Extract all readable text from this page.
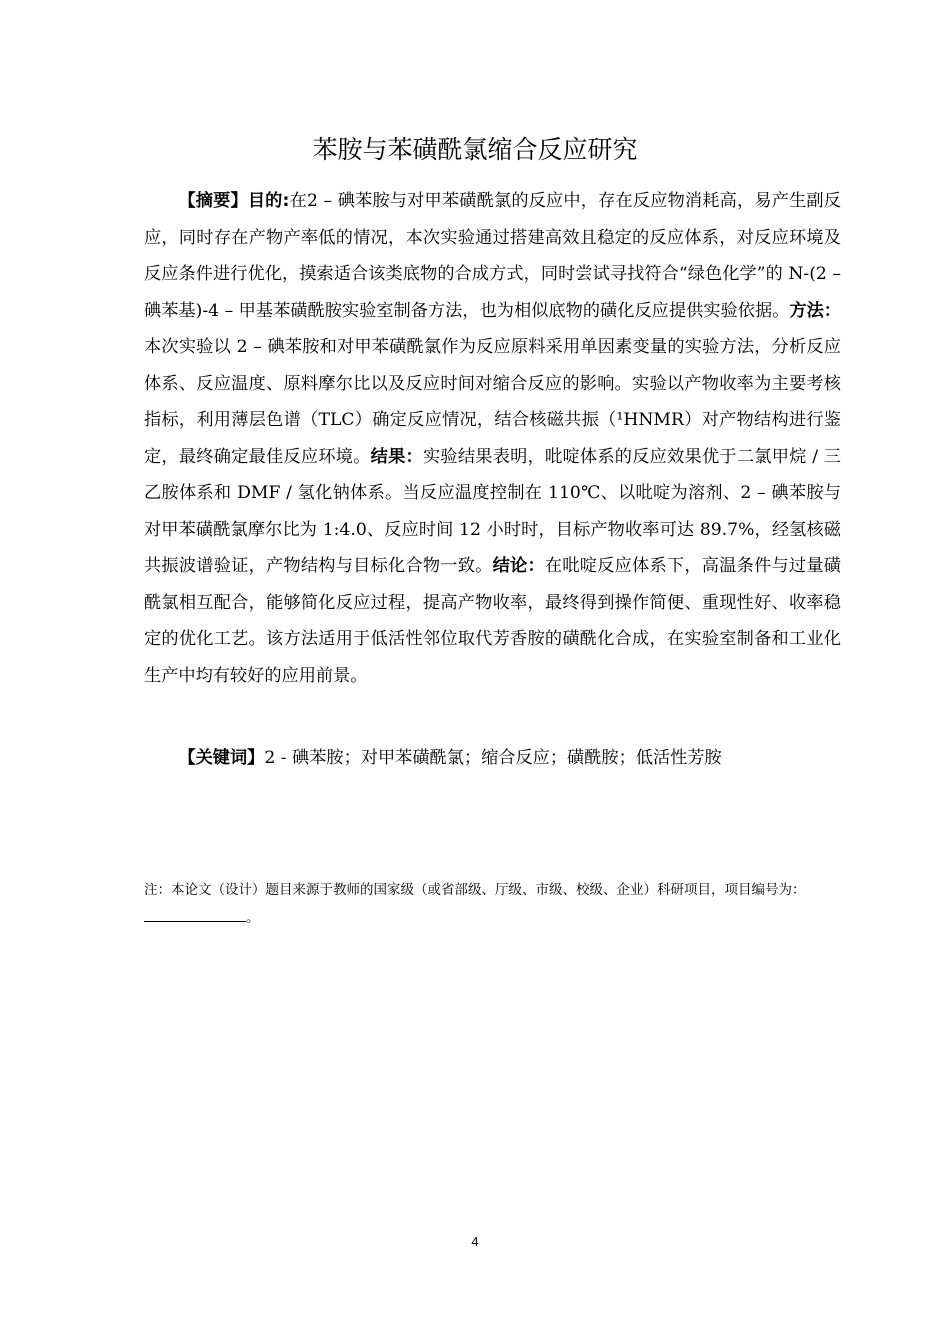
苯胺与苯磺酰氯缩合反应研究

【摘要】目的:在2 – 碘苯胺与对甲苯磺酰氯的反应中，存在反应物消耗高，易产生副反应，同时存在产物产率低的情况，本次实验通过搭建高效且稳定的反应体系，对反应环境及反应条件进行优化，摸索适合该类底物的合成方式，同时尝试寻找符合“绿色化学”的 N-(2 – 碘苯基)-4 – 甲基苯磺酰胺实验室制备方法，也为相似底物的磺化反应提供实验依据。方法：本次实验以 2 – 碘苯胺和对甲苯磺酰氯作为反应原料采用单因素变量的实验方法，分析反应体系、反应温度、原料摩尔比以及反应时间对缩合反应的影响。实验以产物收率为主要考核指标，利用薄层色谱（TLC）确定反应情况，结合核磁共振（¹HNMR）对产物结构进行鉴定，最终确定最佳反应环境。结果：实验结果表明，吡啶体系的反应效果优于二氯甲烷 / 三乙胺体系和 DMF / 氢化钠体系。当反应温度控制在 110℃、以吡啶为溶剂、2 – 碘苯胺与对甲苯磺酰氯摩尔比为 1:4.0、反应时间 12 小时时，目标产物收率可达 89.7%，经氢核磁共振波谱验证，产物结构与目标化合物一致。结论：在吡啶反应体系下，高温条件与过量磺酰氯相互配合，能够简化反应过程，提高产物收率，最终得到操作简便、重现性好、收率稳定的优化工艺。该方法适用于低活性邻位取代芳香胺的磺酰化合成，在实验室制备和工业化生产中均有较好的应用前景。

【关键词】2 - 碘苯胺；对甲苯磺酰氯；缩合反应；磺酰胺；低活性芳胺

注：本论文（设计）题目来源于教师的国家级（或省部级、厅级、市级、校级、企业）科研项目，项目编号为：。

4
